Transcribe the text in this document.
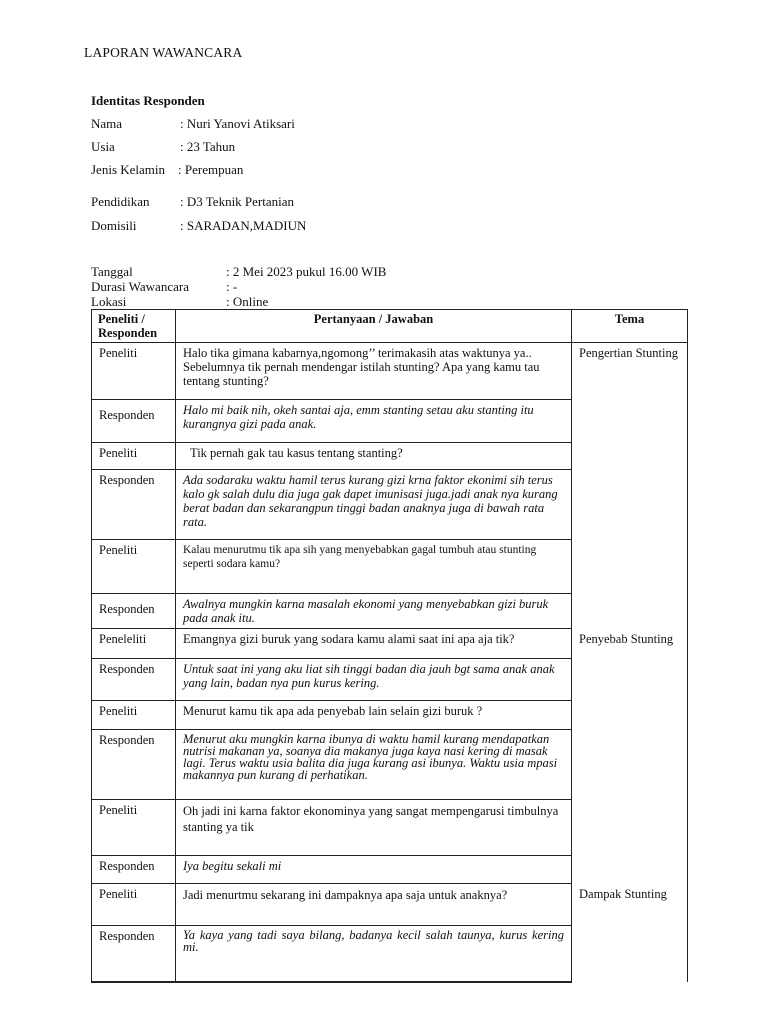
LAPORAN WAWANCARA
Identitas Responden
Nama	: Nuri Yanovi Atiksari
Usia	: 23 Tahun
Jenis Kelamin : Perempuan
Pendidikan : D3 Teknik Pertanian
Domisili	: SARADAN,MADIUN
Tanggal	: 2 Mei 2023 pukul 16.00 WIB
Durasi Wawancara	: -
Lokasi	: Online
Peneliti / Responden	Pertanyaan / Jawaban	Tema
Peneliti	Halo tika gimana kabarnya,ngomong’’ terimakasih atas waktunya ya.. Sebelumnya tik pernah mendengar istilah stunting? Apa yang kamu tau tentang stunting?	Pengertian Stunting
Responden	Halo mi baik nih, okeh santai aja, emm stanting setau aku stanting itu kurangnya gizi pada anak.	
Peneliti	Tik pernah gak tau kasus tentang stanting?	
Responden	Ada sodaraku waktu hamil terus kurang gizi krna faktor ekonimi sih terus kalo gk salah dulu dia juga gak dapet imunisasi juga.jadi anak nya kurang berat badan dan sekarangpun tinggi badan anaknya juga di bawah rata rata.	
Peneliti	Kalau menurutmu tik apa sih yang menyebabkan gagal tumbuh atau stunting seperti sodara kamu?	
Responden	Awalnya mungkin karna masalah ekonomi yang menyebabkan gizi buruk pada anak itu.	
Peneleliti	Emangnya gizi buruk yang sodara kamu alami saat ini apa aja tik?	Penyebab Stunting
Responden	Untuk saat ini yang aku liat sih tinggi badan dia jauh bgt sama anak anak yang lain, badan nya pun kurus kering.	
Peneliti	Menurut kamu tik apa ada penyebab lain selain gizi buruk ?	
Responden	Menurut aku mungkin karna ibunya di waktu hamil kurang mendapatkan nutrisi makanan ya, soanya dia makanya juga kaya nasi kering di masak lagi. Terus waktu usia balita dia juga kurang asi ibunya. Waktu usia mpasi makannya pun kurang di perhatikan.	
Peneliti	Oh jadi ini karna faktor ekonominya yang sangat mempengarusi timbulnya stanting ya tik	
Responden	Iya begitu sekali mi	
Peneliti	Jadi menurtmu sekarang ini dampaknya apa saja untuk anaknya?	Dampak Stunting
Responden	Ya kaya yang tadi saya bilang, badanya kecil salah taunya, kurus kering mi.	
